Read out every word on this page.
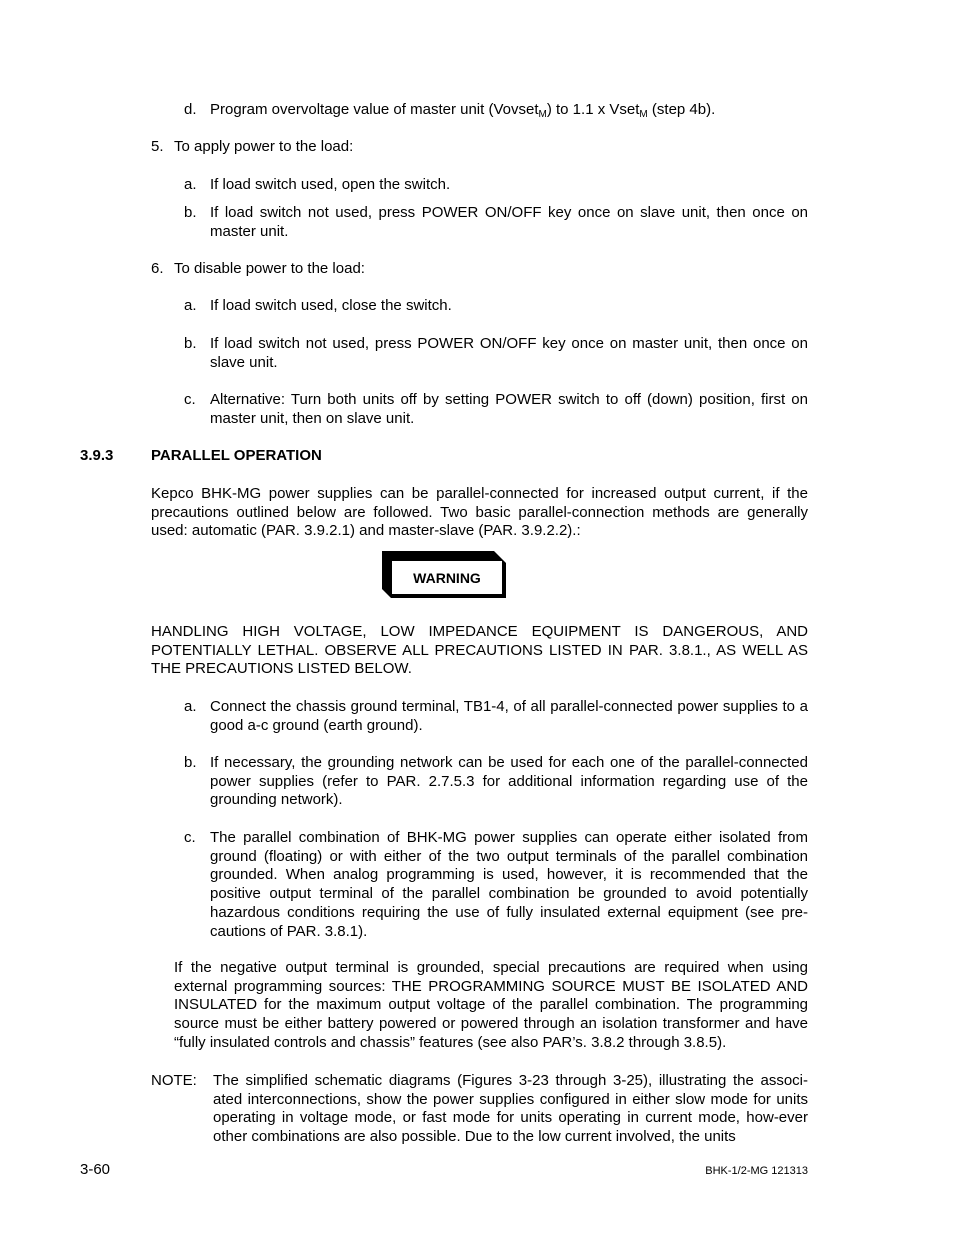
d. Program overvoltage value of master unit (Vovset$_M$) to 1.1 x Vset$_M$ (step 4b).
5. To apply power to the load:
a. If load switch used, open the switch.
b. If load switch not used, press POWER ON/OFF key once on slave unit, then once on master unit.
6. To disable power to the load:
a. If load switch used, close the switch.
b. If load switch not used, press POWER ON/OFF key once on master unit, then once on slave unit.
c. Alternative: Turn both units off by setting POWER switch to off (down) position, first on master unit, then on slave unit.
3.9.3	PARALLEL OPERATION
Kepco BHK-MG power supplies can be parallel-connected for increased output current, if the precautions outlined below are followed. Two basic parallel-connection methods are generally used: automatic (PAR. 3.9.2.1) and master-slave (PAR. 3.9.2.2).:
WARNING
HANDLING HIGH VOLTAGE, LOW IMPEDANCE EQUIPMENT IS DANGEROUS, AND POTENTIALLY LETHAL. OBSERVE ALL PRECAUTIONS LISTED IN PAR. 3.8.1., AS WELL AS THE PRECAUTIONS LISTED BELOW.
a. Connect the chassis ground terminal, TB1-4, of all parallel-connected power supplies to a good a-c ground (earth ground).
b. If necessary, the grounding network can be used for each one of the parallel-connected power supplies (refer to PAR. 2.7.5.3 for additional information regarding use of the grounding network).
c. The parallel combination of BHK-MG power supplies can operate either isolated from ground (floating) or with either of the two output terminals of the parallel combination grounded. When analog programming is used, however, it is recommended that the positive output terminal of the parallel combination be grounded to avoid potentially hazardous conditions requiring the use of fully insulated external equipment (see pre-cautions of PAR. 3.8.1).
If the negative output terminal is grounded, special precautions are required when using external programming sources: THE PROGRAMMING SOURCE MUST BE ISOLATED AND INSULATED for the maximum output voltage of the parallel combination. The programming source must be either battery powered or powered through an isolation transformer and have “fully insulated controls and chassis” features (see also PAR’s. 3.8.2 through 3.8.5).
NOTE: The simplified schematic diagrams (Figures 3-23 through 3-25), illustrating the associ-ated interconnections, show the power supplies configured in either slow mode for units operating in voltage mode, or fast mode for units operating in current mode, how-ever other combinations are also possible. Due to the low current involved, the units
3-60	BHK-1/2-MG 121313
